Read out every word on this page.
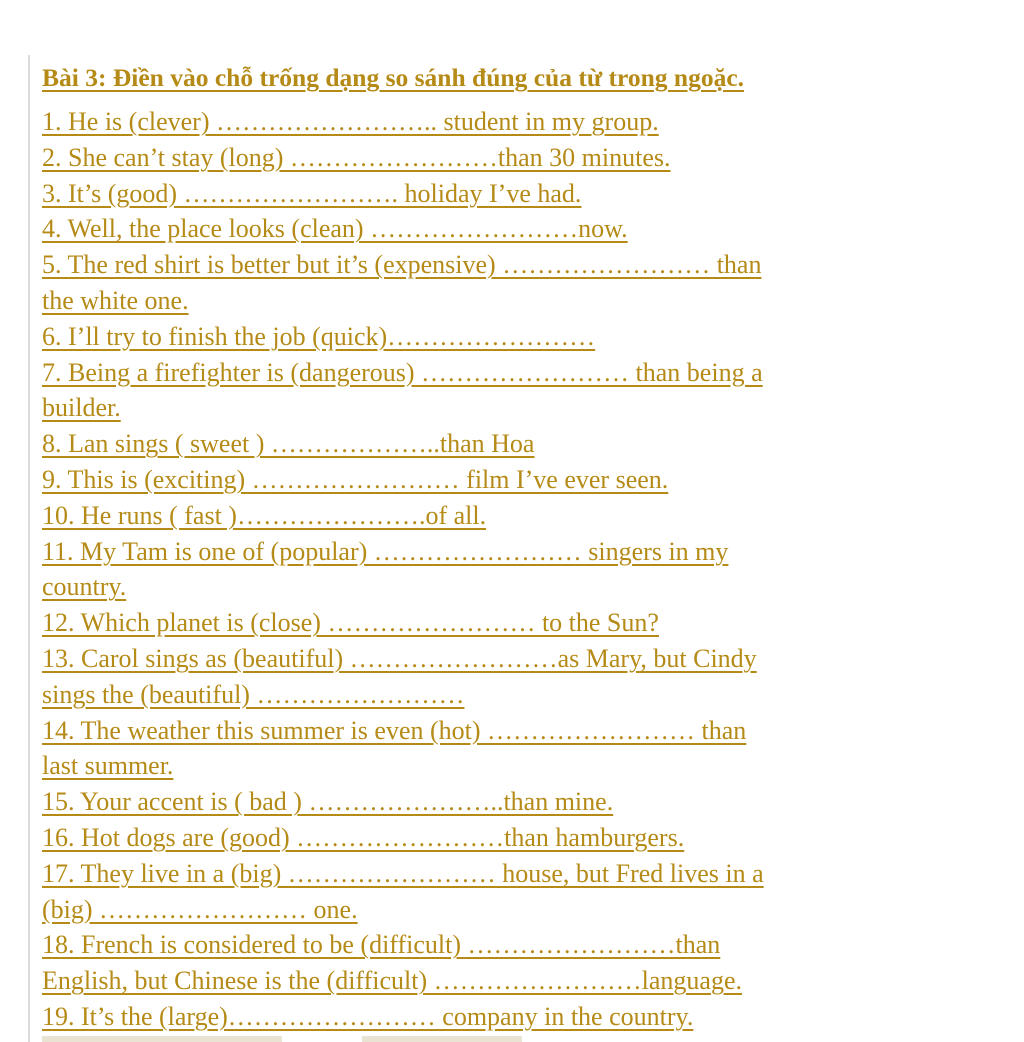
Bài 3: Điền vào chỗ trống dạng so sánh đúng của từ trong ngoặc.
1. He is (clever) …………………….. student in my group.
2. She can’t stay (long) ……………………than 30 minutes.
3. It’s (good) ……………………. holiday I’ve had.
4. Well, the place looks (clean) ……………………now.
5. The red shirt is better but it’s (expensive) …………………… than
the white one.
6. I’ll try to finish the job (quick)……………………
7. Being a firefighter is (dangerous) …………………… than being a
builder.
8. Lan sings ( sweet ) ………………..than Hoa
9. This is (exciting) …………………… film I’ve ever seen.
10. He runs ( fast )………………….of all.
11. My Tam is one of (popular) …………………… singers in my
country.
12. Which planet is (close) …………………… to the Sun?
13. Carol sings as (beautiful) ……………………as Mary, but Cindy
sings the (beautiful) ……………………
14. The weather this summer is even (hot) …………………… than
last summer.
15. Your accent is ( bad ) …………………..than mine.
16. Hot dogs are (good) ……………………than hamburgers.
17. They live in a (big) …………………… house, but Fred lives in a
(big) …………………… one.
18. French is considered to be (difficult) ……………………than
English, but Chinese is the (difficult) ……………………language.
19. It’s the (large)…………………… company in the country.
